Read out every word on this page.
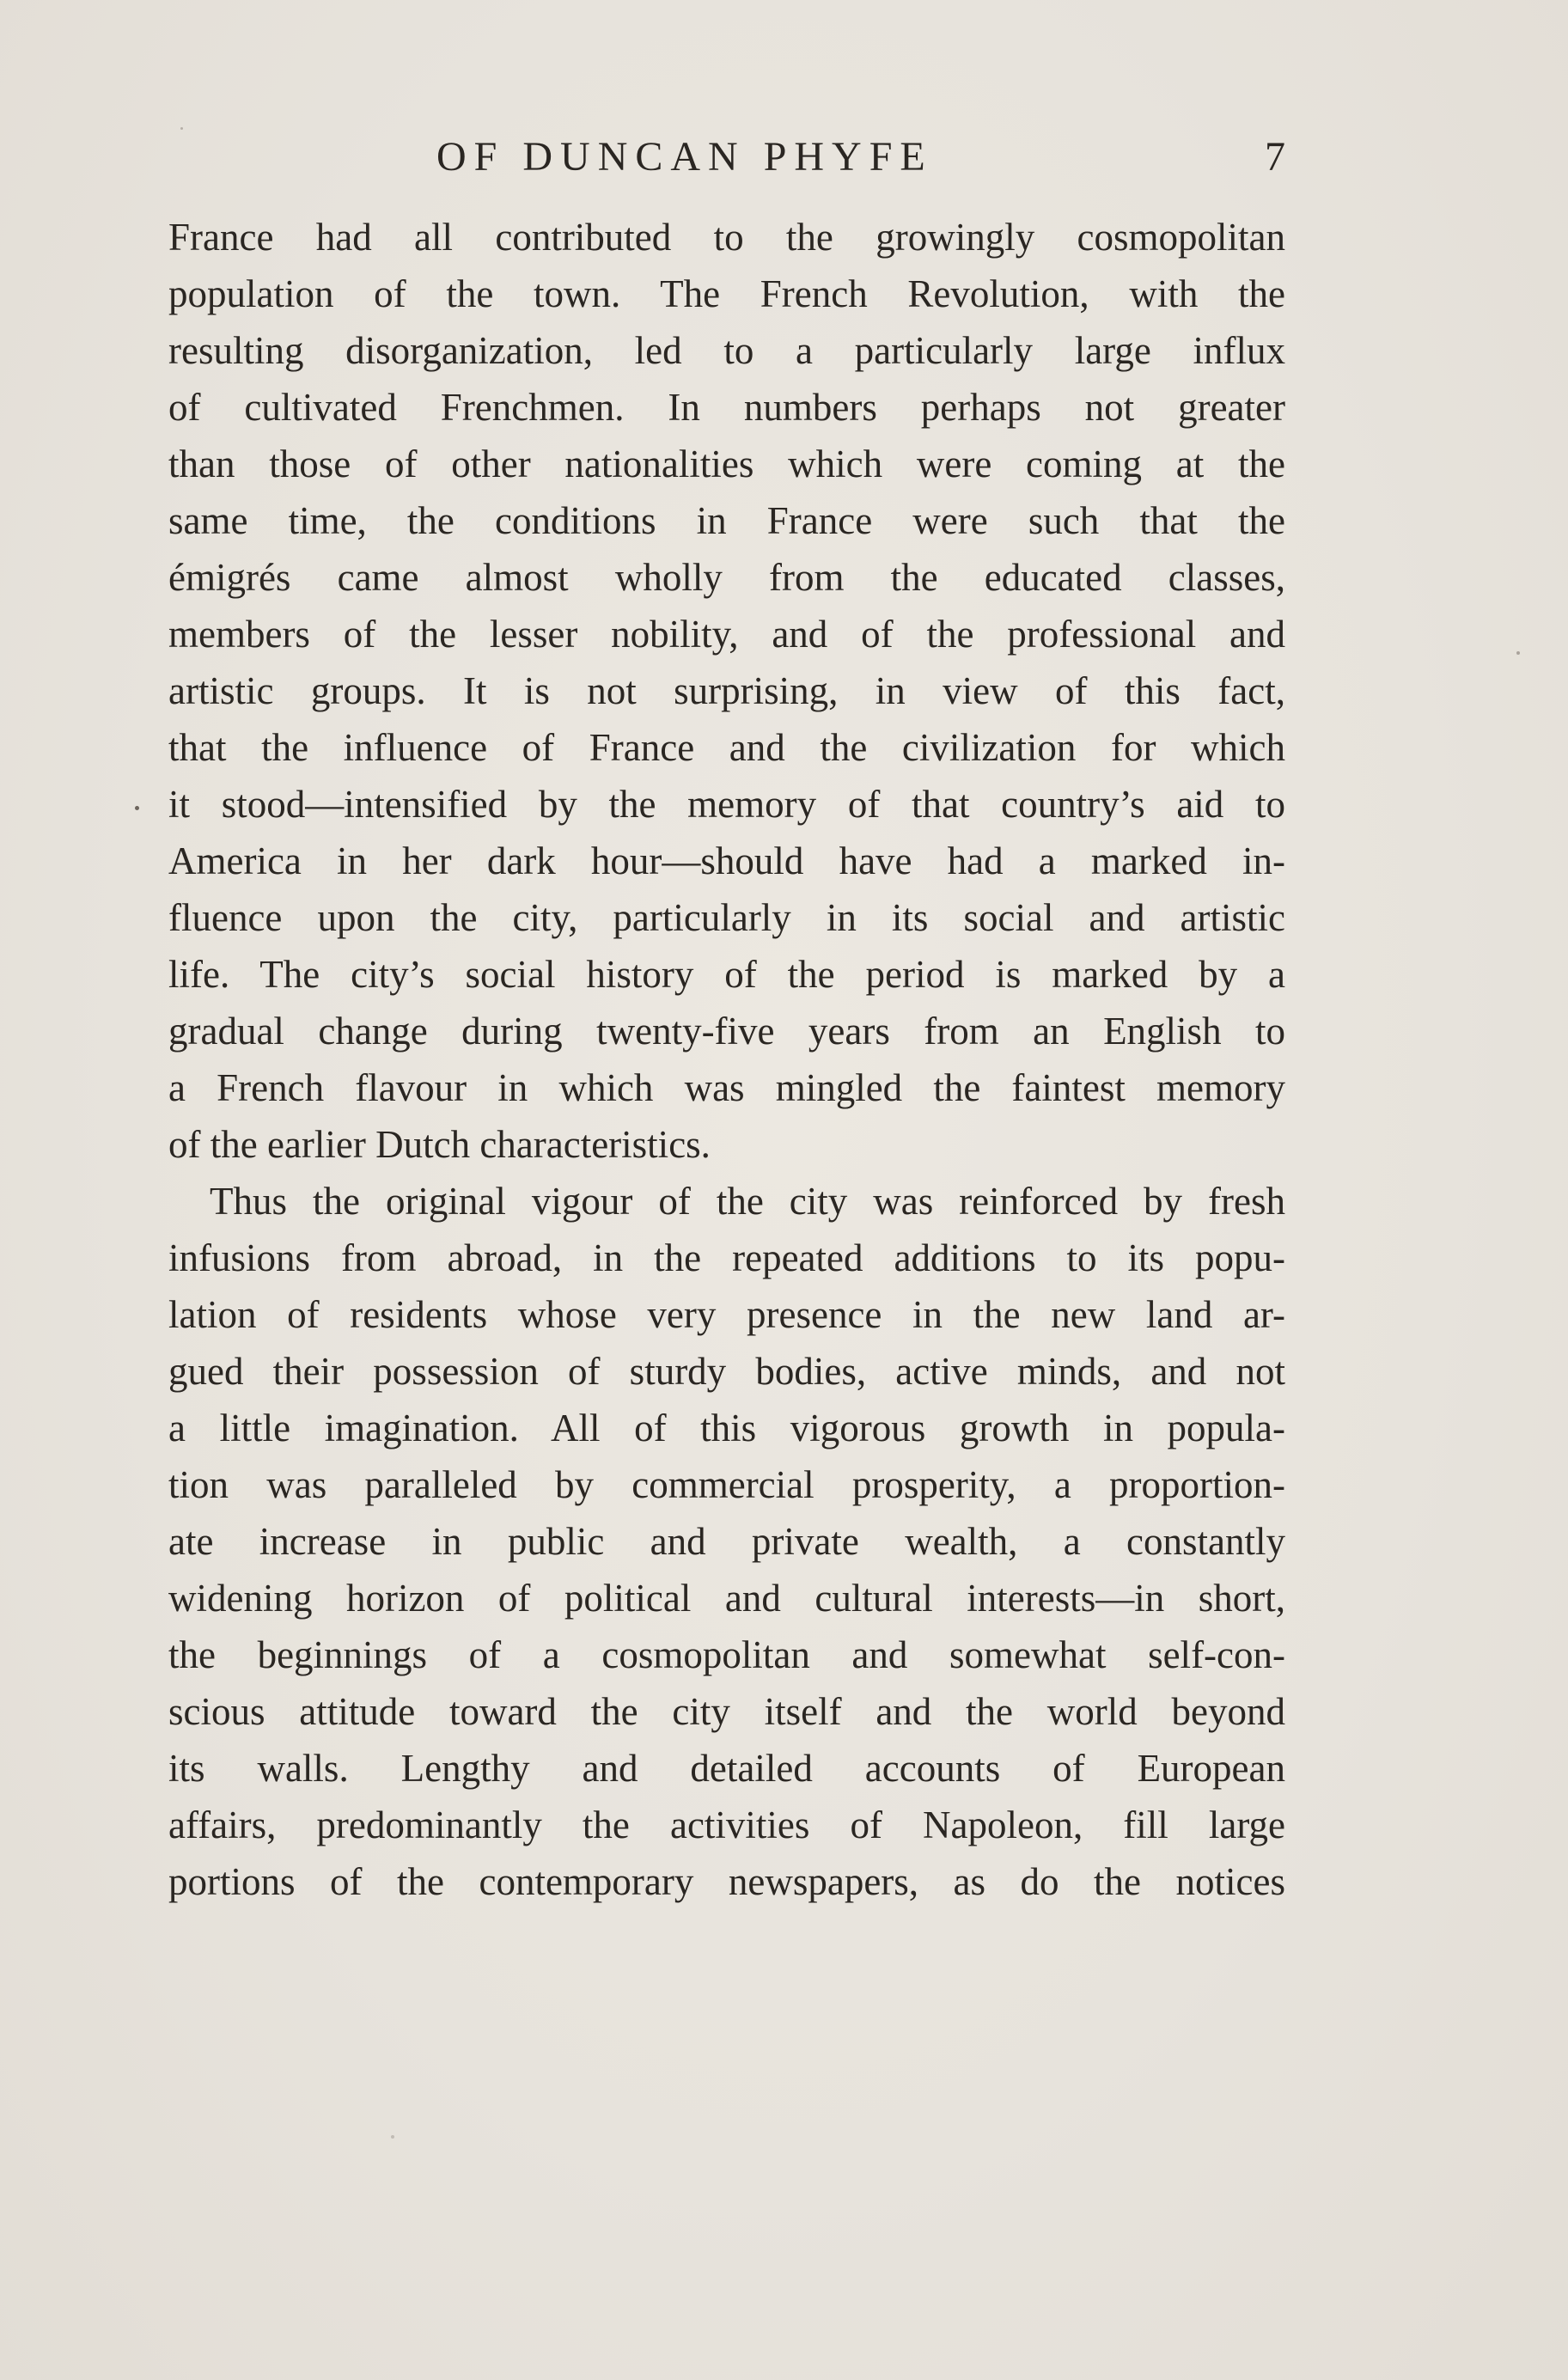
OF DUNCAN PHYFE	7
France had all contributed to the growingly cosmopolitan
population of the town. The French Revolution, with the
resulting disorganization, led to a particularly large influx
of cultivated Frenchmen. In numbers perhaps not greater
than those of other nationalities which were coming at the
same time, the conditions in France were such that the
émigrés came almost wholly from the educated classes,
members of the lesser nobility, and of the professional and
artistic groups. It is not surprising, in view of this fact,
that the influence of France and the civilization for which
it stood—intensified by the memory of that country’s aid to
America in her dark hour—should have had a marked in-
fluence upon the city, particularly in its social and artistic
life. The city’s social history of the period is marked by a
gradual change during twenty-five years from an English to
a French flavour in which was mingled the faintest memory
of the earlier Dutch characteristics.
Thus the original vigour of the city was reinforced by fresh
infusions from abroad, in the repeated additions to its popu-
lation of residents whose very presence in the new land ar-
gued their possession of sturdy bodies, active minds, and not
a little imagination. All of this vigorous growth in popula-
tion was paralleled by commercial prosperity, a proportion-
ate increase in public and private wealth, a constantly
widening horizon of political and cultural interests—in short,
the beginnings of a cosmopolitan and somewhat self-con-
scious attitude toward the city itself and the world beyond
its walls. Lengthy and detailed accounts of European
affairs, predominantly the activities of Napoleon, fill large
portions of the contemporary newspapers, as do the notices
